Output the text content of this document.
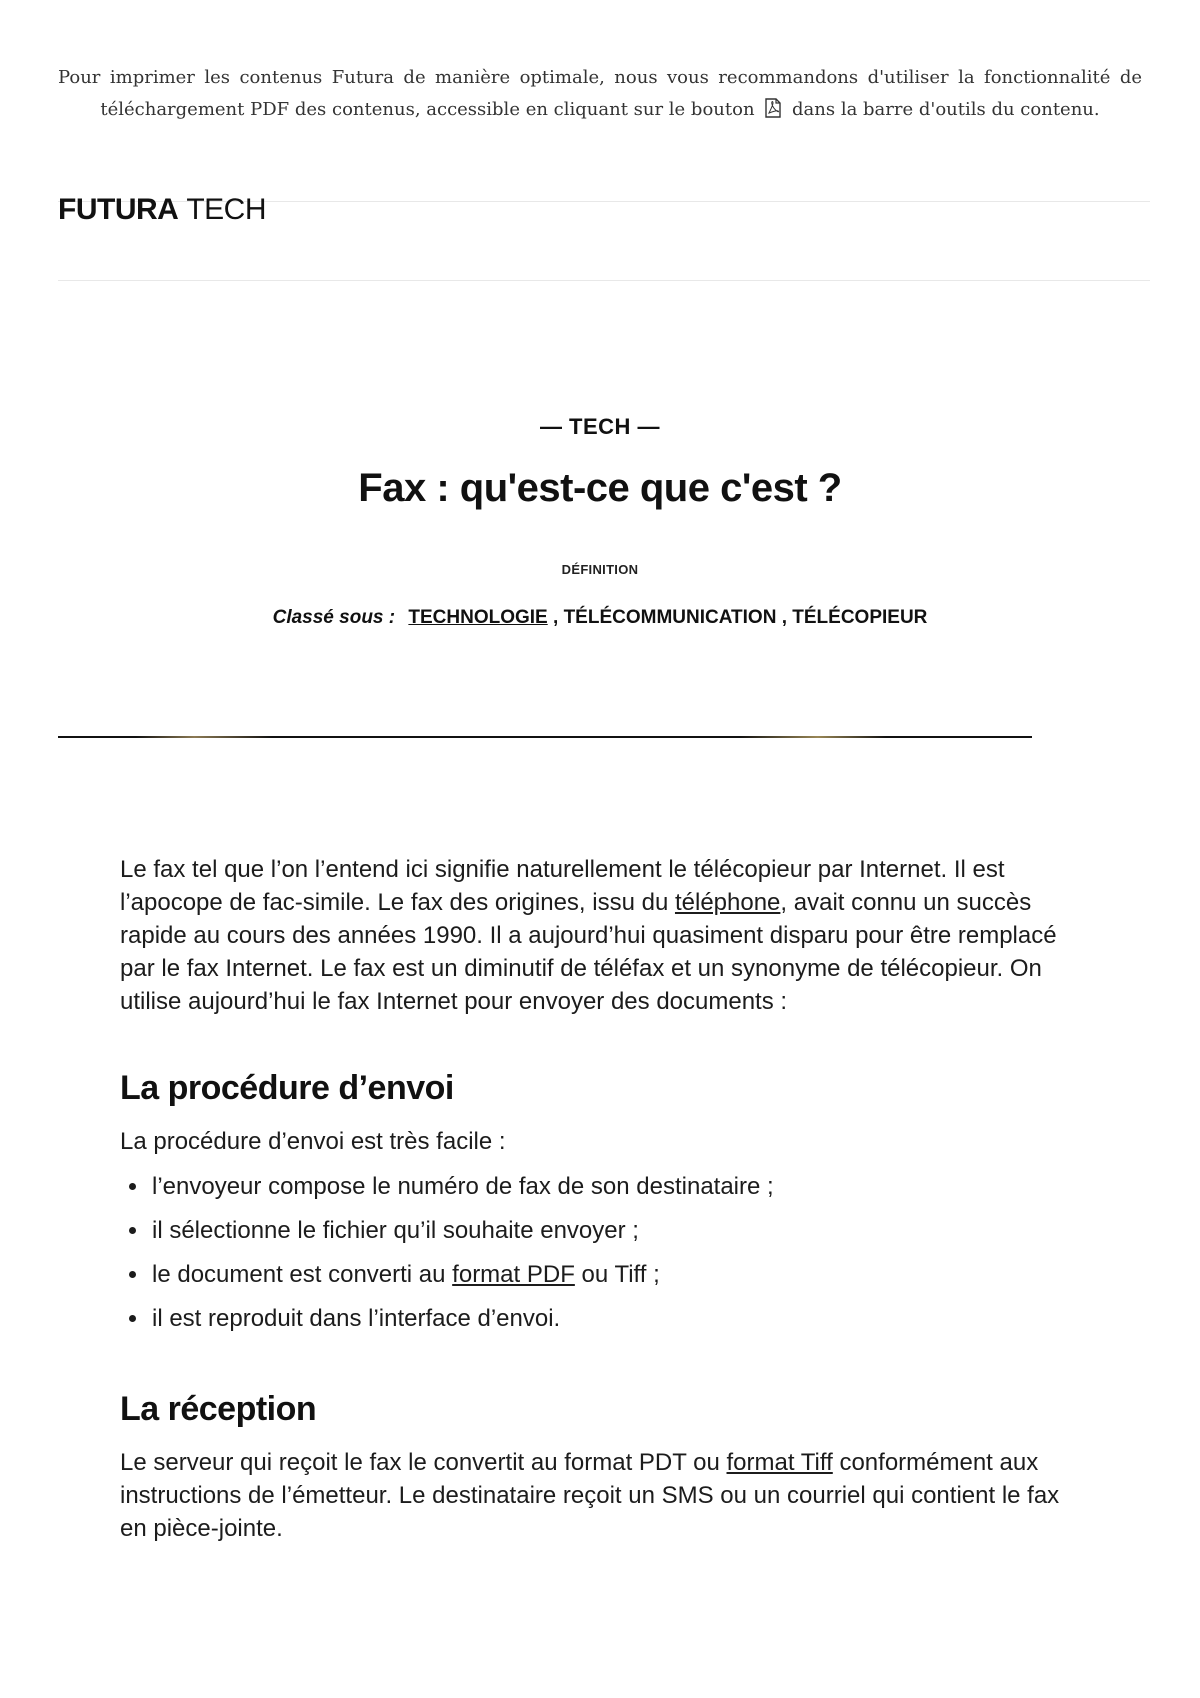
Pour imprimer les contenus Futura de manière optimale, nous vous recommandons d'utiliser la fonctionnalité de téléchargement PDF des contenus, accessible en cliquant sur le bouton dans la barre d'outils du contenu.
FUTURA TECH
— TECH —
Fax : qu'est-ce que c'est ?
DÉFINITION
Classé sous : TECHNOLOGIE , TÉLÉCOMMUNICATION , TÉLÉCOPIEUR

Le fax tel que l’on l’entend ici signifie naturellement le télécopieur par Internet. Il est l’apocope de fac-simile. Le fax des origines, issu du téléphone, avait connu un succès rapide au cours des années 1990. Il a aujourd’hui quasiment disparu pour être remplacé par le fax Internet. Le fax est un diminutif de téléfax et un synonyme de télécopieur. On utilise aujourd’hui le fax Internet pour envoyer des documents :

La procédure d’envoi

La procédure d’envoi est très facile :

• l’envoyeur compose le numéro de fax de son destinataire ;
• il sélectionne le fichier qu’il souhaite envoyer ;
• le document est converti au format PDF ou Tiff ;
• il est reproduit dans l’interface d’envoi.
La réception

Le serveur qui reçoit le fax le convertit au format PDT ou format Tiff conformément aux instructions de l’émetteur. Le destinataire reçoit un SMS ou un courriel qui contient le fax en pièce-jointe.
